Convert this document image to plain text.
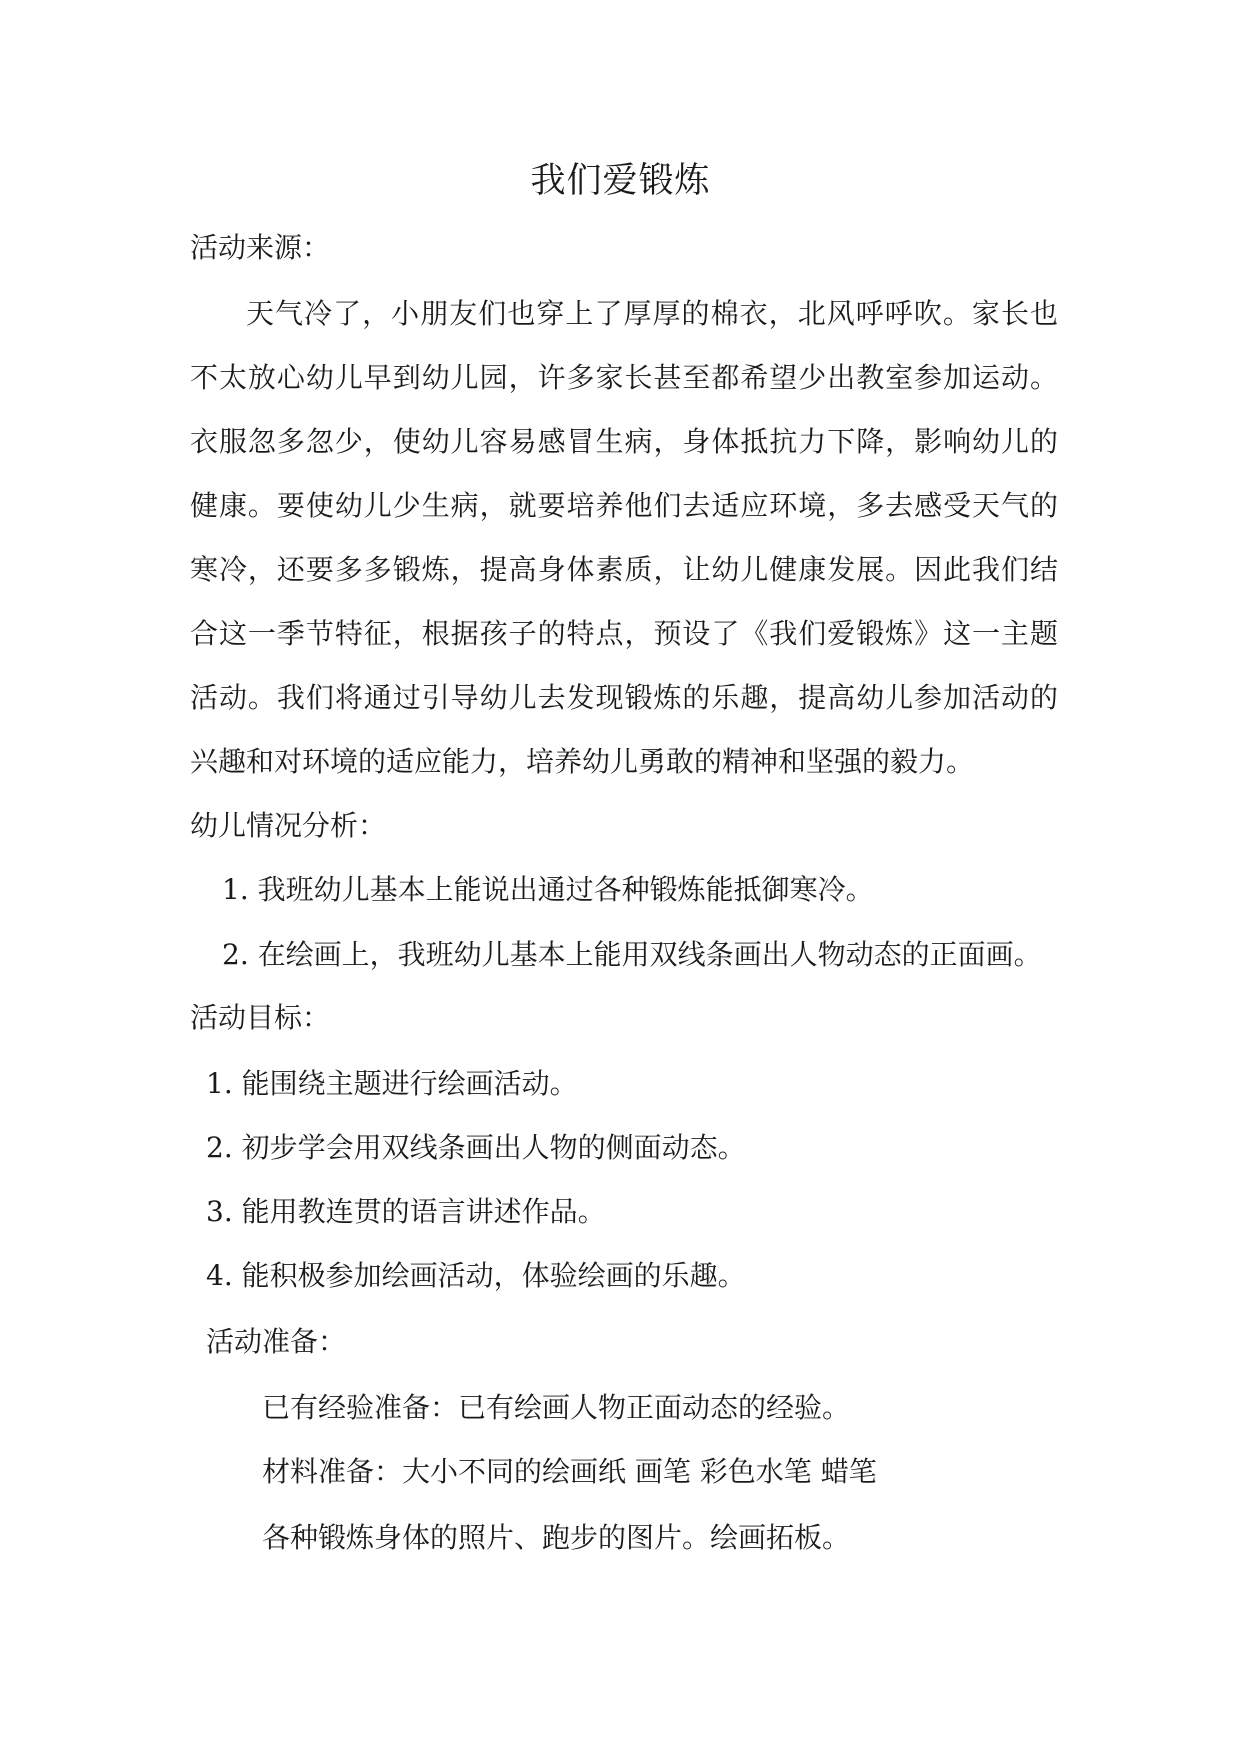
我们爱锻炼
活动来源：
天气冷了，小朋友们也穿上了厚厚的棉衣，北风呼呼吹。家长也
不太放心幼儿早到幼儿园，许多家长甚至都希望少出教室参加运动。
衣服忽多忽少，使幼儿容易感冒生病，身体抵抗力下降，影响幼儿的
健康。要使幼儿少生病，就要培养他们去适应环境，多去感受天气的
寒冷，还要多多锻炼，提高身体素质，让幼儿健康发展。因此我们结
合这一季节特征，根据孩子的特点，预设了《我们爱锻炼》这一主题
活动。我们将通过引导幼儿去发现锻炼的乐趣，提高幼儿参加活动的
兴趣和对环境的适应能力，培养幼儿勇敢的精神和坚强的毅力。
幼儿情况分析：
1. 我班幼儿基本上能说出通过各种锻炼能抵御寒冷。
2. 在绘画上，我班幼儿基本上能用双线条画出人物动态的正面画。
活动目标：
1. 能围绕主题进行绘画活动。
2. 初步学会用双线条画出人物的侧面动态。
3. 能用教连贯的语言讲述作品。
4. 能积极参加绘画活动，体验绘画的乐趣。
活动准备：
已有经验准备：已有绘画人物正面动态的经验。
材料准备：大小不同的绘画纸 画笔 彩色水笔 蜡笔
各种锻炼身体的照片、跑步的图片。绘画拓板。
